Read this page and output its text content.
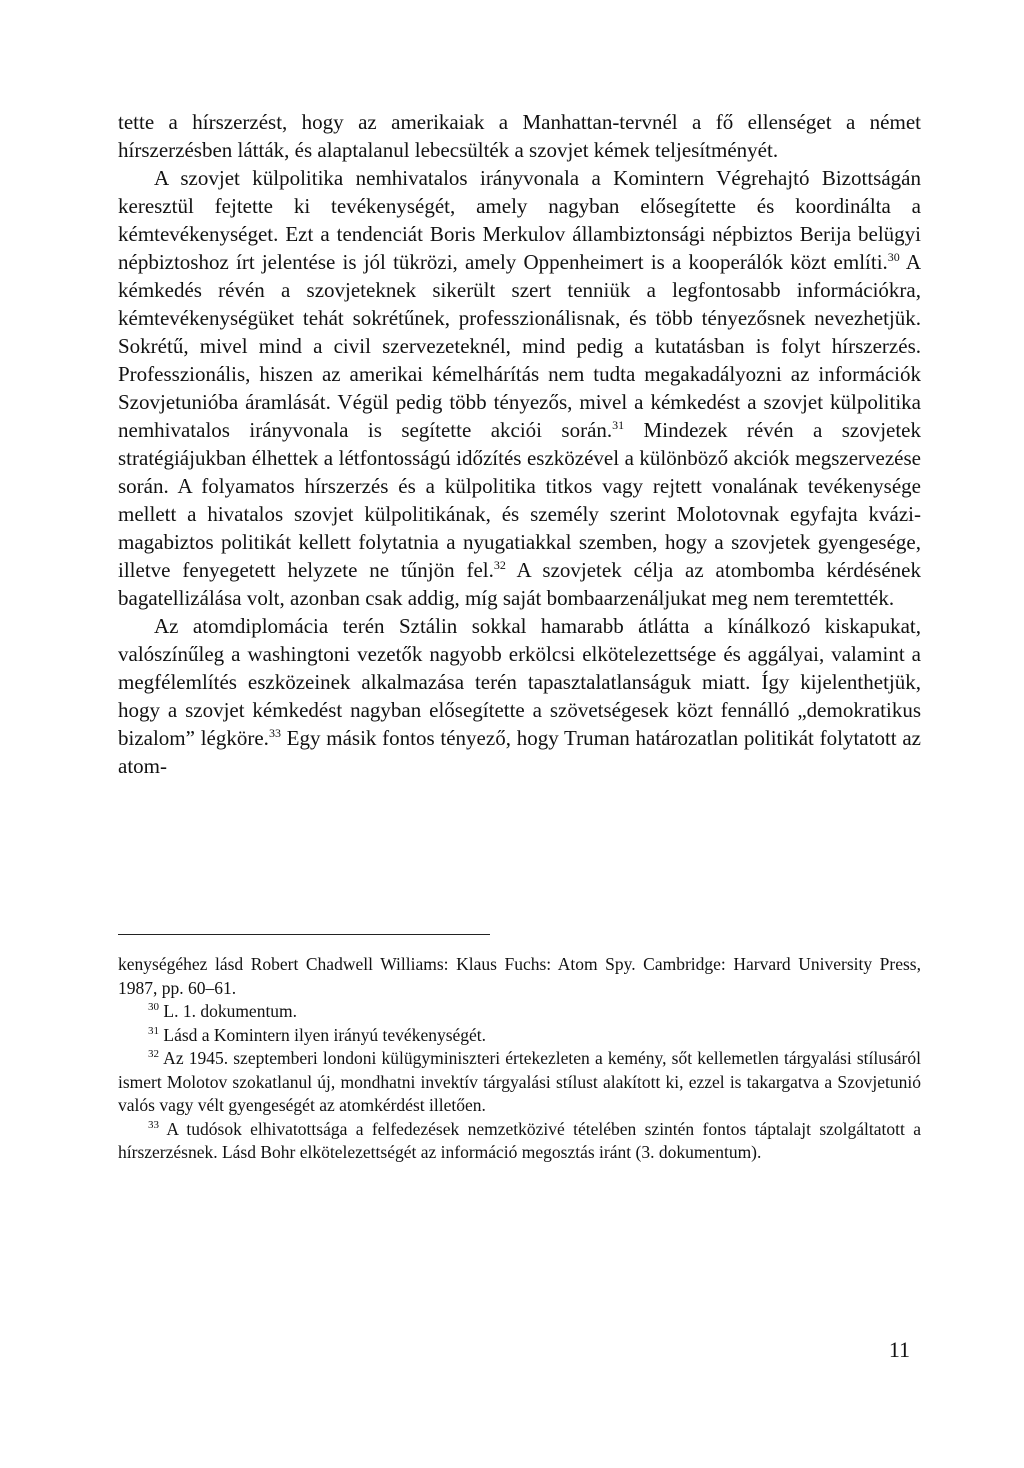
tette a hírszerzést, hogy az amerikaiak a Manhattan-tervnél a fő ellenséget a német hírszerzésben látták, és alaptalanul lebecsülték a szovjet kémek teljesítményét.

A szovjet külpolitika nemhivatalos irányvonala a Komintern Végrehajtó Bizottságán keresztül fejtette ki tevékenységét, amely nagyban elősegítette és koordinálta a kémtevékenységet. Ezt a tendenciát Boris Merkulov állambiztonsági népbiztos Berija belügyi népbiztoshoz írt jelentése is jól tükrözi, amely Oppenheimert is a kooperálók közt említi.$^{30}$ A kémkedés révén a szovjeteknek sikerült szert tenniük a legfontosabb információkra, kémtevékenységüket tehát sokrétűnek, professzionálisnak, és több tényezősnek nevezhetjük. Sokrétű, mivel mind a civil szervezeteknél, mind pedig a kutatásban is folyt hírszerzés. Professzionális, hiszen az amerikai kémelhárítás nem tudta megakadályozni az információk Szovjetunióba áramlását. Végül pedig több tényezős, mivel a kémkedést a szovjet külpolitika nemhivatalos irányvonala is segítette akciói során.$^{31}$ Mindezek révén a szovjetek stratégiájukban élhettek a létfontosságú időzítés eszközével a különböző akciók megszervezése során. A folyamatos hírszerzés és a külpolitika titkos vagy rejtett vonalának tevékenysége mellett a hivatalos szovjet külpolitikának, és személy szerint Molotovnak egyfajta kvázi-magabiztos politikát kellett folytatnia a nyugatiakkal szemben, hogy a szovjetek gyengesége, illetve fenyegetett helyzete ne tűnjön fel.$^{32}$ A szovjetek célja az atombomba kérdésének bagatellizálása volt, azonban csak addig, míg saját bombaarzenáljukat meg nem teremtették.

Az atomdiplomácia terén Sztálin sokkal hamarabb átlátta a kínálkozó kiskapukat, valószínűleg a washingtoni vezetők nagyobb erkölcsi elkötelezettsége és aggályai, valamint a megfélemlítés eszközeinek alkalmazása terén tapasztalatlanságuk miatt. Így kijelenthetjük, hogy a szovjet kémkedést nagyban elősegítette a szövetségesek közt fennálló „demokratikus bizalom” légköre.$^{33}$ Egy másik fontos tényező, hogy Truman határozatlan politikát folytatott az atom-

kenységéhez lásd Robert Chadwell Williams: Klaus Fuchs: Atom Spy. Cambridge: Harvard University Press, 1987, pp. 60–61.

$^{30}$ L. 1. dokumentum.

$^{31}$ Lásd a Komintern ilyen irányú tevékenységét.

$^{32}$ Az 1945. szeptemberi londoni külügyminiszteri értekezleten a kemény, sőt kellemetlen tárgyalási stílusáról ismert Molotov szokatlanul új, mondhatni invektív tárgyalási stílust alakított ki, ezzel is takargatva a Szovjetunió valós vagy vélt gyengeségét az atomkérdést illetően.

$^{33}$ A tudósok elhivatottsága a felfedezések nemzetközivé tételében szintén fontos táptalajt szolgáltatott a hírszerzésnek. Lásd Bohr elkötelezettségét az információ megosztás iránt (3. dokumentum).

11
